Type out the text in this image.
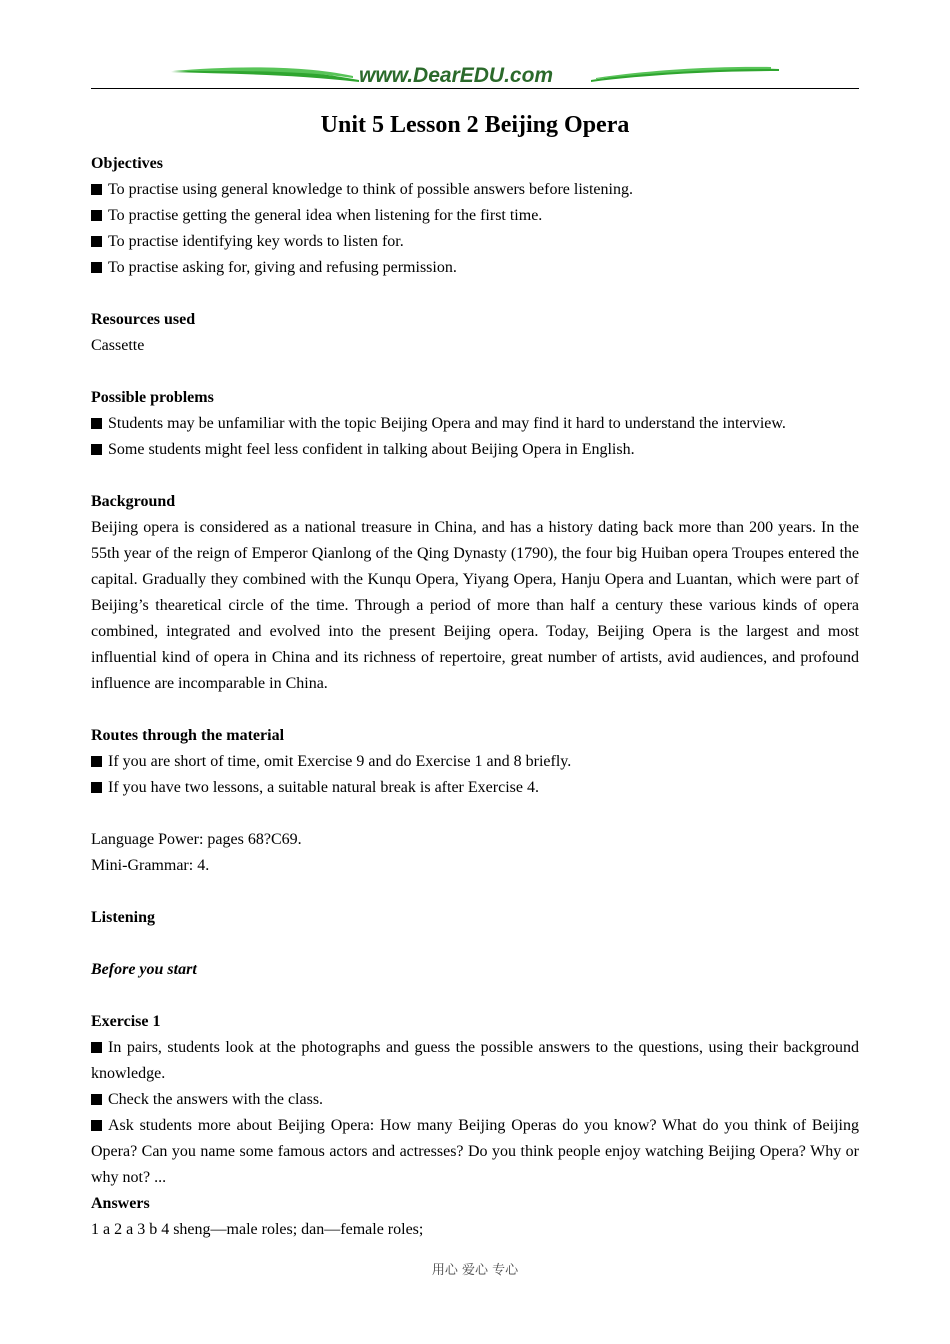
www.DearEDU.com
Unit 5 Lesson 2 Beijing Opera
Objectives
To practise using general knowledge to think of possible answers before listening.
To practise getting the general idea when listening for the first time.
To practise identifying key words to listen for.
To practise asking for, giving and refusing permission.
Resources used
Cassette
Possible problems
Students may be unfamiliar with the topic Beijing Opera and may find it hard to understand the interview.
Some students might feel less confident in talking about Beijing Opera in English.
Background
Beijing opera is considered as a national treasure in China, and has a history dating back more than 200 years. In the 55th year of the reign of Emperor Qianlong of the Qing Dynasty (1790), the four big Huiban opera Troupes entered the capital. Gradually they combined with the Kunqu Opera, Yiyang Opera, Hanju Opera and Luantan, which were part of Beijing’s thearetical circle of the time. Through a period of more than half a century these various kinds of opera combined, integrated and evolved into the present Beijing opera. Today, Beijing Opera is the largest and most influential kind of opera in China and its richness of repertoire, great number of artists, avid audiences, and profound influence are incomparable in China.
Routes through the material
If you are short of time, omit Exercise 9 and do Exercise 1 and 8 briefly.
If you have two lessons, a suitable natural break is after Exercise 4.
Language Power: pages 68?C69.
Mini-Grammar: 4.
Listening
Before you start
Exercise 1
In pairs, students look at the photographs and guess the possible answers to the questions, using their background knowledge.
Check the answers with the class.
Ask students more about Beijing Opera: How many Beijing Operas do you know? What do you think of Beijing Opera? Can you name some famous actors and actresses? Do you think people enjoy watching Beijing Opera? Why or why not? ...
Answers
1 a 2 a 3 b 4 sheng—male roles; dan—female roles;
用心 爱心 专心
